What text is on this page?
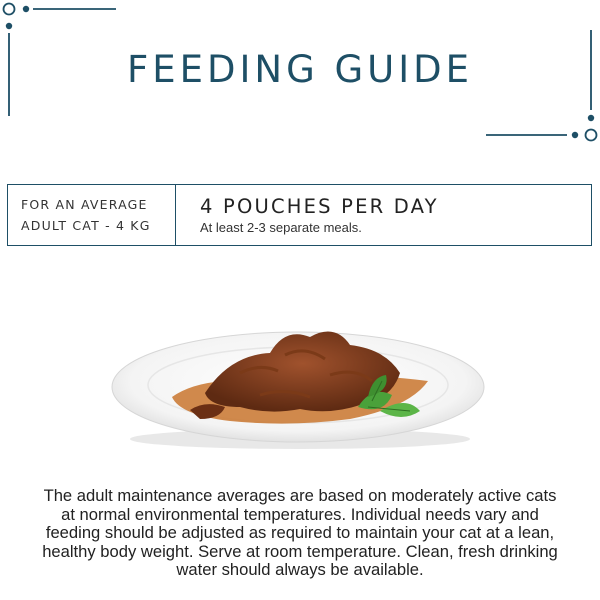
FEEDING GUIDE
FOR AN AVERAGE
ADULT CAT - 4 KG
4 POUCHES PER DAY
At least 2-3 separate meals.

The adult maintenance averages are based on moderately active cats at normal environmental temperatures. Individual needs vary and feeding should be adjusted as required to maintain your cat at a lean, healthy body weight. Serve at room temperature. Clean, fresh drinking water should always be available.
